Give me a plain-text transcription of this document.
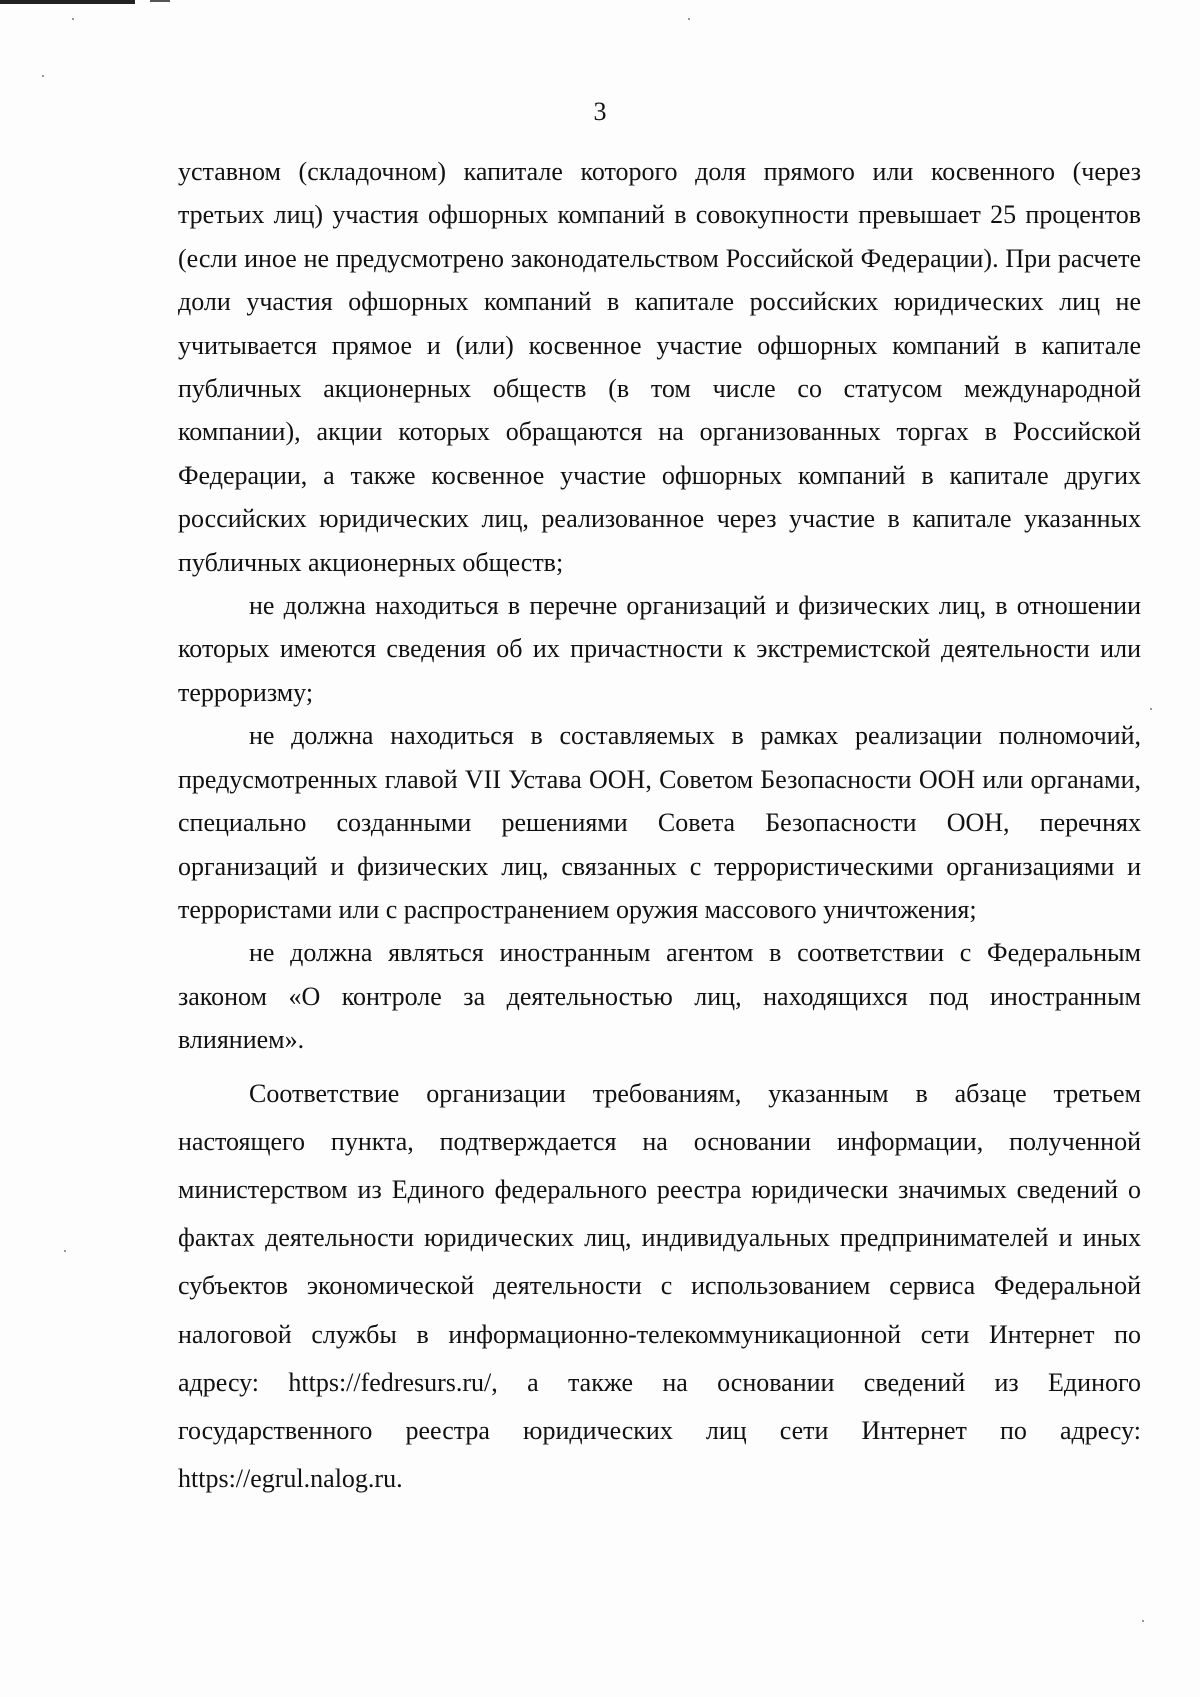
3

уставном (складочном) капитале которого доля прямого или косвенного (через третьих лиц) участия офшорных компаний в совокупности превышает 25 процентов (если иное не предусмотрено законодательством Российской Федерации). При расчете доли участия офшорных компаний в капитале российских юридических лиц не учитывается прямое и (или) косвенное участие офшорных компаний в капитале публичных акционерных обществ (в том числе со статусом международной компании), акции которых обращаются на организованных торгах в Российской Федерации, а также косвенное участие офшорных компаний в капитале других российских юридических лиц, реализованное через участие в капитале указанных публичных акционерных обществ;

не должна находиться в перечне организаций и физических лиц, в отношении которых имеются сведения об их причастности к экстремистской деятельности или терроризму;

не должна находиться в составляемых в рамках реализации полномочий, предусмотренных главой VII Устава ООН, Советом Безопасности ООН или органами, специально созданными решениями Совета Безопасности ООН, перечнях организаций и физических лиц, связанных с террористическими организациями и террористами или с распространением оружия массового уничтожения;

не должна являться иностранным агентом в соответствии с Федеральным законом «О контроле за деятельностью лиц, находящихся под иностранным влиянием».

Соответствие организации требованиям, указанным в абзаце третьем настоящего пункта, подтверждается на основании информации, полученной министерством из Единого федерального реестра юридически значимых сведений о фактах деятельности юридических лиц, индивидуальных предпринимателей и иных субъектов экономической деятельности с использованием сервиса Федеральной налоговой службы в информационно-телекоммуникационной сети Интернет по адресу: https://fedresurs.ru/, а также на основании сведений из Единого государственного реестра юридических лиц сети Интернет по адресу: https://egrul.nalog.ru.
